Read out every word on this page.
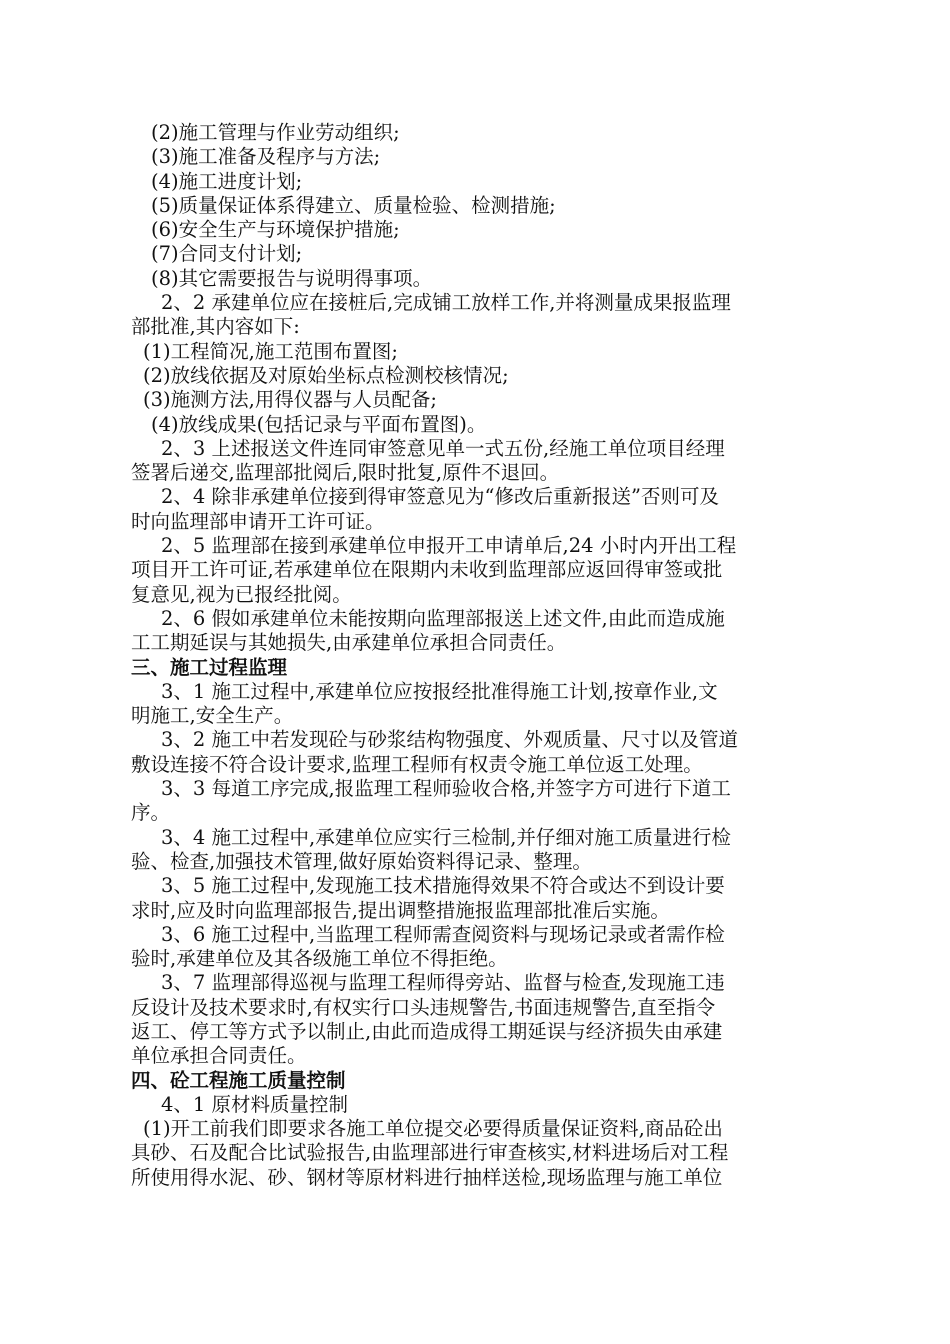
(2)施工管理与作业劳动组织;
(3)施工准备及程序与方法;
(4)施工进度计划;
(5)质量保证体系得建立、质量检验、检测措施;
(6)安全生产与环境保护措施;
(7)合同支付计划;
(8)其它需要报告与说明得事项。
2、2 承建单位应在接桩后,完成铺工放样工作,并将测量成果报监理
部批准,其内容如下:
(1)工程简况,施工范围布置图;
(2)放线依据及对原始坐标点检测校核情况;
(3)施测方法,用得仪器与人员配备;
(4)放线成果(包括记录与平面布置图)。
2、3 上述报送文件连同审签意见单一式五份,经施工单位项目经理
签署后递交,监理部批阅后,限时批复,原件不退回。
2、4 除非承建单位接到得审签意见为“修改后重新报送”否则可及
时向监理部申请开工许可证。
2、5 监理部在接到承建单位申报开工申请单后,24 小时内开出工程
项目开工许可证,若承建单位在限期内未收到监理部应返回得审签或批
复意见,视为已报经批阅。
2、6 假如承建单位未能按期向监理部报送上述文件,由此而造成施
工工期延误与其她损失,由承建单位承担合同责任。
三、施工过程监理
3、1 施工过程中,承建单位应按报经批准得施工计划,按章作业,文
明施工,安全生产。
3、2 施工中若发现砼与砂浆结构物强度、外观质量、尺寸以及管道
敷设连接不符合设计要求,监理工程师有权责令施工单位返工处理。
3、3 每道工序完成,报监理工程师验收合格,并签字方可进行下道工
序。
3、4 施工过程中,承建单位应实行三检制,并仔细对施工质量进行检
验、检查,加强技术管理,做好原始资料得记录、整理。
3、5 施工过程中,发现施工技术措施得效果不符合或达不到设计要
求时,应及时向监理部报告,提出调整措施报监理部批准后实施。
3、6 施工过程中,当监理工程师需查阅资料与现场记录或者需作检
验时,承建单位及其各级施工单位不得拒绝。
3、7 监理部得巡视与监理工程师得旁站、监督与检查,发现施工违
反设计及技术要求时,有权实行口头违规警告,书面违规警告,直至指令
返工、停工等方式予以制止,由此而造成得工期延误与经济损失由承建
单位承担合同责任。
四、砼工程施工质量控制
4、1 原材料质量控制
(1)开工前我们即要求各施工单位提交必要得质量保证资料,商品砼出
具砂、石及配合比试验报告,由监理部进行审查核实,材料进场后对工程
所使用得水泥、砂、钢材等原材料进行抽样送检,现场监理与施工单位
